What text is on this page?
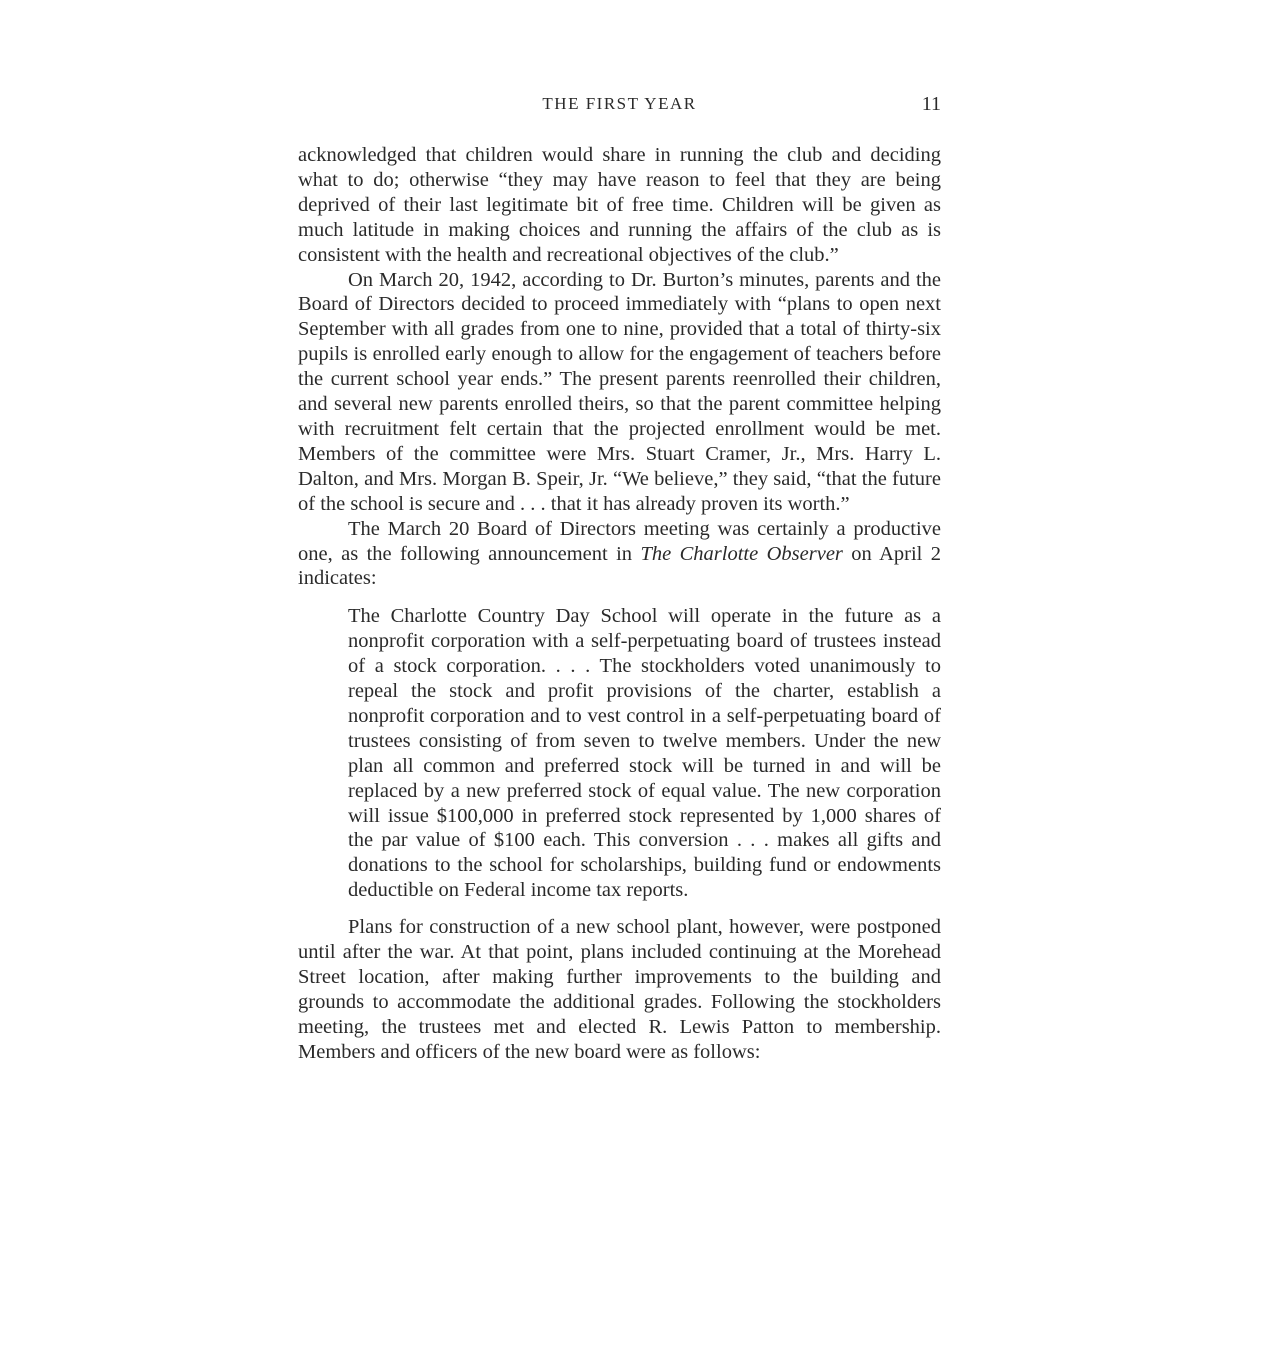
THE FIRST YEAR	11

acknowledged that children would share in running the club and deciding what to do; otherwise “they may have reason to feel that they are being deprived of their last legitimate bit of free time. Children will be given as much latitude in making choices and running the affairs of the club as is consistent with the health and recreational objectives of the club.”

On March 20, 1942, according to Dr. Burton’s minutes, parents and the Board of Directors decided to proceed immediately with “plans to open next September with all grades from one to nine, provided that a total of thirty-six pupils is enrolled early enough to allow for the engagement of teachers before the current school year ends.” The present parents reenrolled their children, and several new parents enrolled theirs, so that the parent committee helping with recruitment felt certain that the projected enrollment would be met. Members of the committee were Mrs. Stuart Cramer, Jr., Mrs. Harry L. Dalton, and Mrs. Morgan B. Speir, Jr. “We believe,” they said, “that the future of the school is secure and . . . that it has already proven its worth.”

The March 20 Board of Directors meeting was certainly a productive one, as the following announcement in The Charlotte Observer on April 2 indicates:

The Charlotte Country Day School will operate in the future as a nonprofit corporation with a self-perpetuating board of trustees instead of a stock corporation. . . . The stockholders voted unanimously to repeal the stock and profit provisions of the charter, establish a nonprofit corporation and to vest control in a self-perpetuating board of trustees consisting of from seven to twelve members. Under the new plan all common and preferred stock will be turned in and will be replaced by a new preferred stock of equal value. The new corporation will issue $100,000 in preferred stock represented by 1,000 shares of the par value of $100 each. This conversion . . . makes all gifts and donations to the school for scholarships, building fund or endowments deductible on Federal income tax reports.

Plans for construction of a new school plant, however, were postponed until after the war. At that point, plans included continuing at the Morehead Street location, after making further improvements to the building and grounds to accommodate the additional grades. Following the stockholders meeting, the trustees met and elected R. Lewis Patton to membership. Members and officers of the new board were as follows:
